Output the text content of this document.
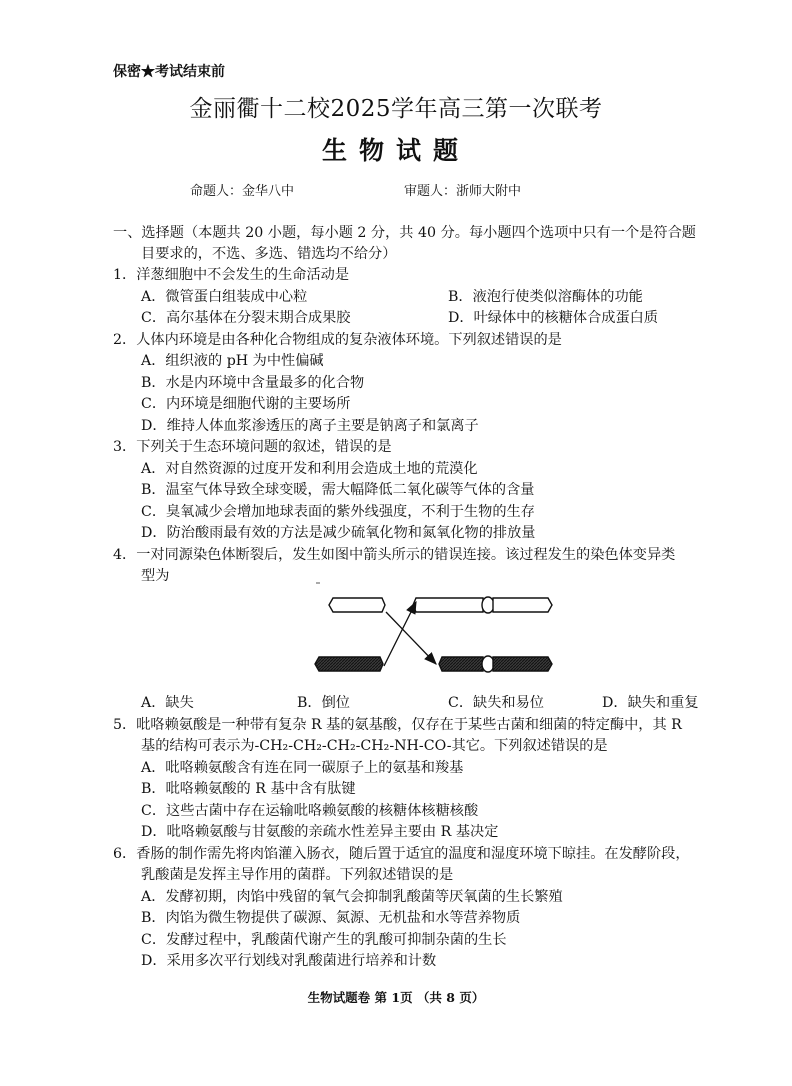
保密★考试结束前
金丽衢十二校2025学年高三第一次联考
生物试题
命题人：金华八中	审题人：浙师大附中
一、选择题（本题共 20 小题，每小题 2 分，共 40 分。每小题四个选项中只有一个是符合题
目要求的，不选、多选、错选均不给分）
1．洋葱细胞中不会发生的生命活动是
A．微管蛋白组装成中心粒	B．液泡行使类似溶酶体的功能
C．高尔基体在分裂末期合成果胶	D．叶绿体中的核糖体合成蛋白质
2．人体内环境是由各种化合物组成的复杂液体环境。下列叙述错误的是
A．组织液的 pH 为中性偏碱
B．水是内环境中含量最多的化合物
C．内环境是细胞代谢的主要场所
D．维持人体血浆渗透压的离子主要是钠离子和氯离子
3．下列关于生态环境问题的叙述，错误的是
A．对自然资源的过度开发和利用会造成土地的荒漠化
B．温室气体导致全球变暖，需大幅降低二氧化碳等气体的含量
C．臭氧减少会增加地球表面的紫外线强度，不利于生物的生存
D．防治酸雨最有效的方法是减少硫氧化物和氮氧化物的排放量
4．一对同源染色体断裂后，发生如图中箭头所示的错误连接。该过程发生的染色体变异类
型为
A．缺失	B．倒位	C．缺失和易位	D．缺失和重复
5．吡咯赖氨酸是一种带有复杂 R 基的氨基酸，仅存在于某些古菌和细菌的特定酶中，其 R
基的结构可表示为-CH₂-CH₂-CH₂-CH₂-NH-CO-其它。下列叙述错误的是
A．吡咯赖氨酸含有连在同一碳原子上的氨基和羧基
B．吡咯赖氨酸的 R 基中含有肽键
C．这些古菌中存在运输吡咯赖氨酸的核糖体核糖核酸
D．吡咯赖氨酸与甘氨酸的亲疏水性差异主要由 R 基决定
6．香肠的制作需先将肉馅灌入肠衣，随后置于适宜的温度和湿度环境下晾挂。在发酵阶段，
乳酸菌是发挥主导作用的菌群。下列叙述错误的是
A．发酵初期，肉馅中残留的氧气会抑制乳酸菌等厌氧菌的生长繁殖
B．肉馅为微生物提供了碳源、氮源、无机盐和水等营养物质
C．发酵过程中，乳酸菌代谢产生的乳酸可抑制杂菌的生长
D．采用多次平行划线对乳酸菌进行培养和计数
生物试题卷 第 1页 （共 8 页）
